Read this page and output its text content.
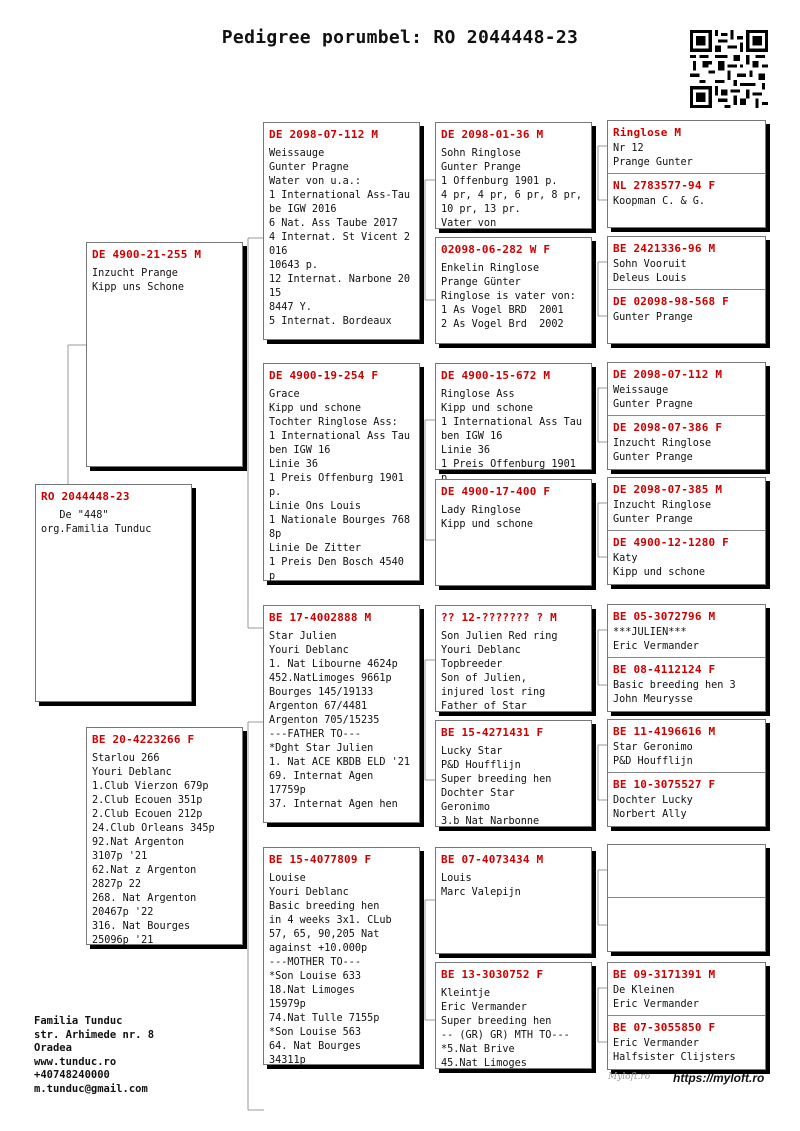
Pedigree porumbel: RO 2044448-23
RO 2044448-23
De "448"
org.Familia Tunduc
DE 4900-21-255 M
Inzucht Prange
Kipp uns Schone
BE 20-4223266 F
Starlou 266
Youri Deblanc
1.Club Vierzon 679p
2.Club Ecouen 351p
2.Club Ecouen 212p
24.Club Orleans 345p
92.Nat Argenton
3107p '21
62.Nat z Argenton
2827p 22
268. Nat Argenton
20467p '22
316. Nat Bourges
25096p '21
DE 2098-07-112 M
Weissauge
Gunter Pragne
Water von u.a.:
1 International Ass-Taube IGW 2016
6 Nat. Ass Taube 2017
4 Internat. St Vicent 2016
10643 p.
12 Internat. Narbone 2015
8447 Y.
5 Internat. Bordeaux
DE 4900-19-254 F
Grace
Kipp und schone
Tochter Ringlose Ass:
1 International Ass Tauben IGW 16
Linie 36
1 Preis Offenburg 1901 p.
Linie Ons Louis
1 Nationale Bourges 7688p
Linie De Zitter
1 Preis Den Bosch 4540 p
BE 17-4002888 M
Star Julien
Youri Deblanc
1. Nat Libourne 4624p
452.NatLimoges 9661p
Bourges 145/19133
Argenton 67/4481
Argenton 705/15235
---FATHER TO---
*Dght Star Julien
1. Nat ACE KBDB ELD '21
69. Internat Agen
17759p
37. Internat Agen hen
BE 15-4077809 F
Louise
Youri Deblanc
Basic breeding hen
in 4 weeks 3x1. CLub
57, 65, 90,205 Nat
against +10.000p
---MOTHER TO---
*Son Louise 633
18.Nat Limoges
15979p
74.Nat Tulle 7155p
*Son Louise 563
64. Nat Bourges
34311p
DE 2098-01-36 M
Sohn Ringlose
Gunter Prange
1 Offenburg 1901 p.
4 pr, 4 pr, 6 pr, 8 pr,
10 pr, 13 pr.
Vater von
02098-06-282 W F
Enkelin Ringlose
Prange Günter
Ringlose is vater von:
1 As Vogel BRD  2001
2 As Vogel Brd  2002
DE 4900-15-672 M
Ringlose Ass
Kipp und schone
1 International Ass Tauben IGW 16
Linie 36
1 Preis Offenburg 1901
DE 4900-17-400 F
Lady Ringlose
Kipp und schone
?? 12-??????? ? M
Son Julien Red ring
Youri Deblanc
Topbreeder
Son of Julien,
injured lost ring
Father of Star
BE 15-4271431 F
Lucky Star
P&D Houfflijn
Super breeding hen
Dochter Star
Geronimo
3.b Nat Narbonne
BE 07-4073434 M
Louis
Marc Valepijn
BE 13-3030752 F
Kleintje
Eric Vermander
Super breeding hen
-- (GR) GR) MTH TO---
*5.Nat Brive
45.Nat Limoges
Ringlose M
Nr 12
Prange Gunter
NL 2783577-94 F
Koopman C. & G.
BE 2421336-96 M
Sohn Vooruit
Deleus Louis
DE 02098-98-568 F
Gunter Prange
DE 2098-07-112 M
Weissauge
Gunter Pragne
DE 2098-07-386 F
Inzucht Ringlose
Gunter Prange
DE 2098-07-385 M
Inzucht Ringlose
Gunter Prange
DE 4900-12-1280 F
Katy
Kipp und schone
BE 05-3072796 M
***JULIEN***
Eric Vermander
BE 08-4112124 F
Basic breeding hen 3
John Meurysse
BE 11-4196616 M
Star Geronimo
P&D Houfflijn
BE 10-3075527 F
Dochter Lucky
Norbert Ally
BE 09-3171391 M
De Kleinen
Eric Vermander
BE 07-3055850 F
Eric Vermander
Halfsister Clijsters
Familia Tunduc
str. Arhimede nr. 8
Oradea
www.tunduc.ro
+40748240000
m.tunduc@gmail.com
Myloft.ro https://myloft.ro
